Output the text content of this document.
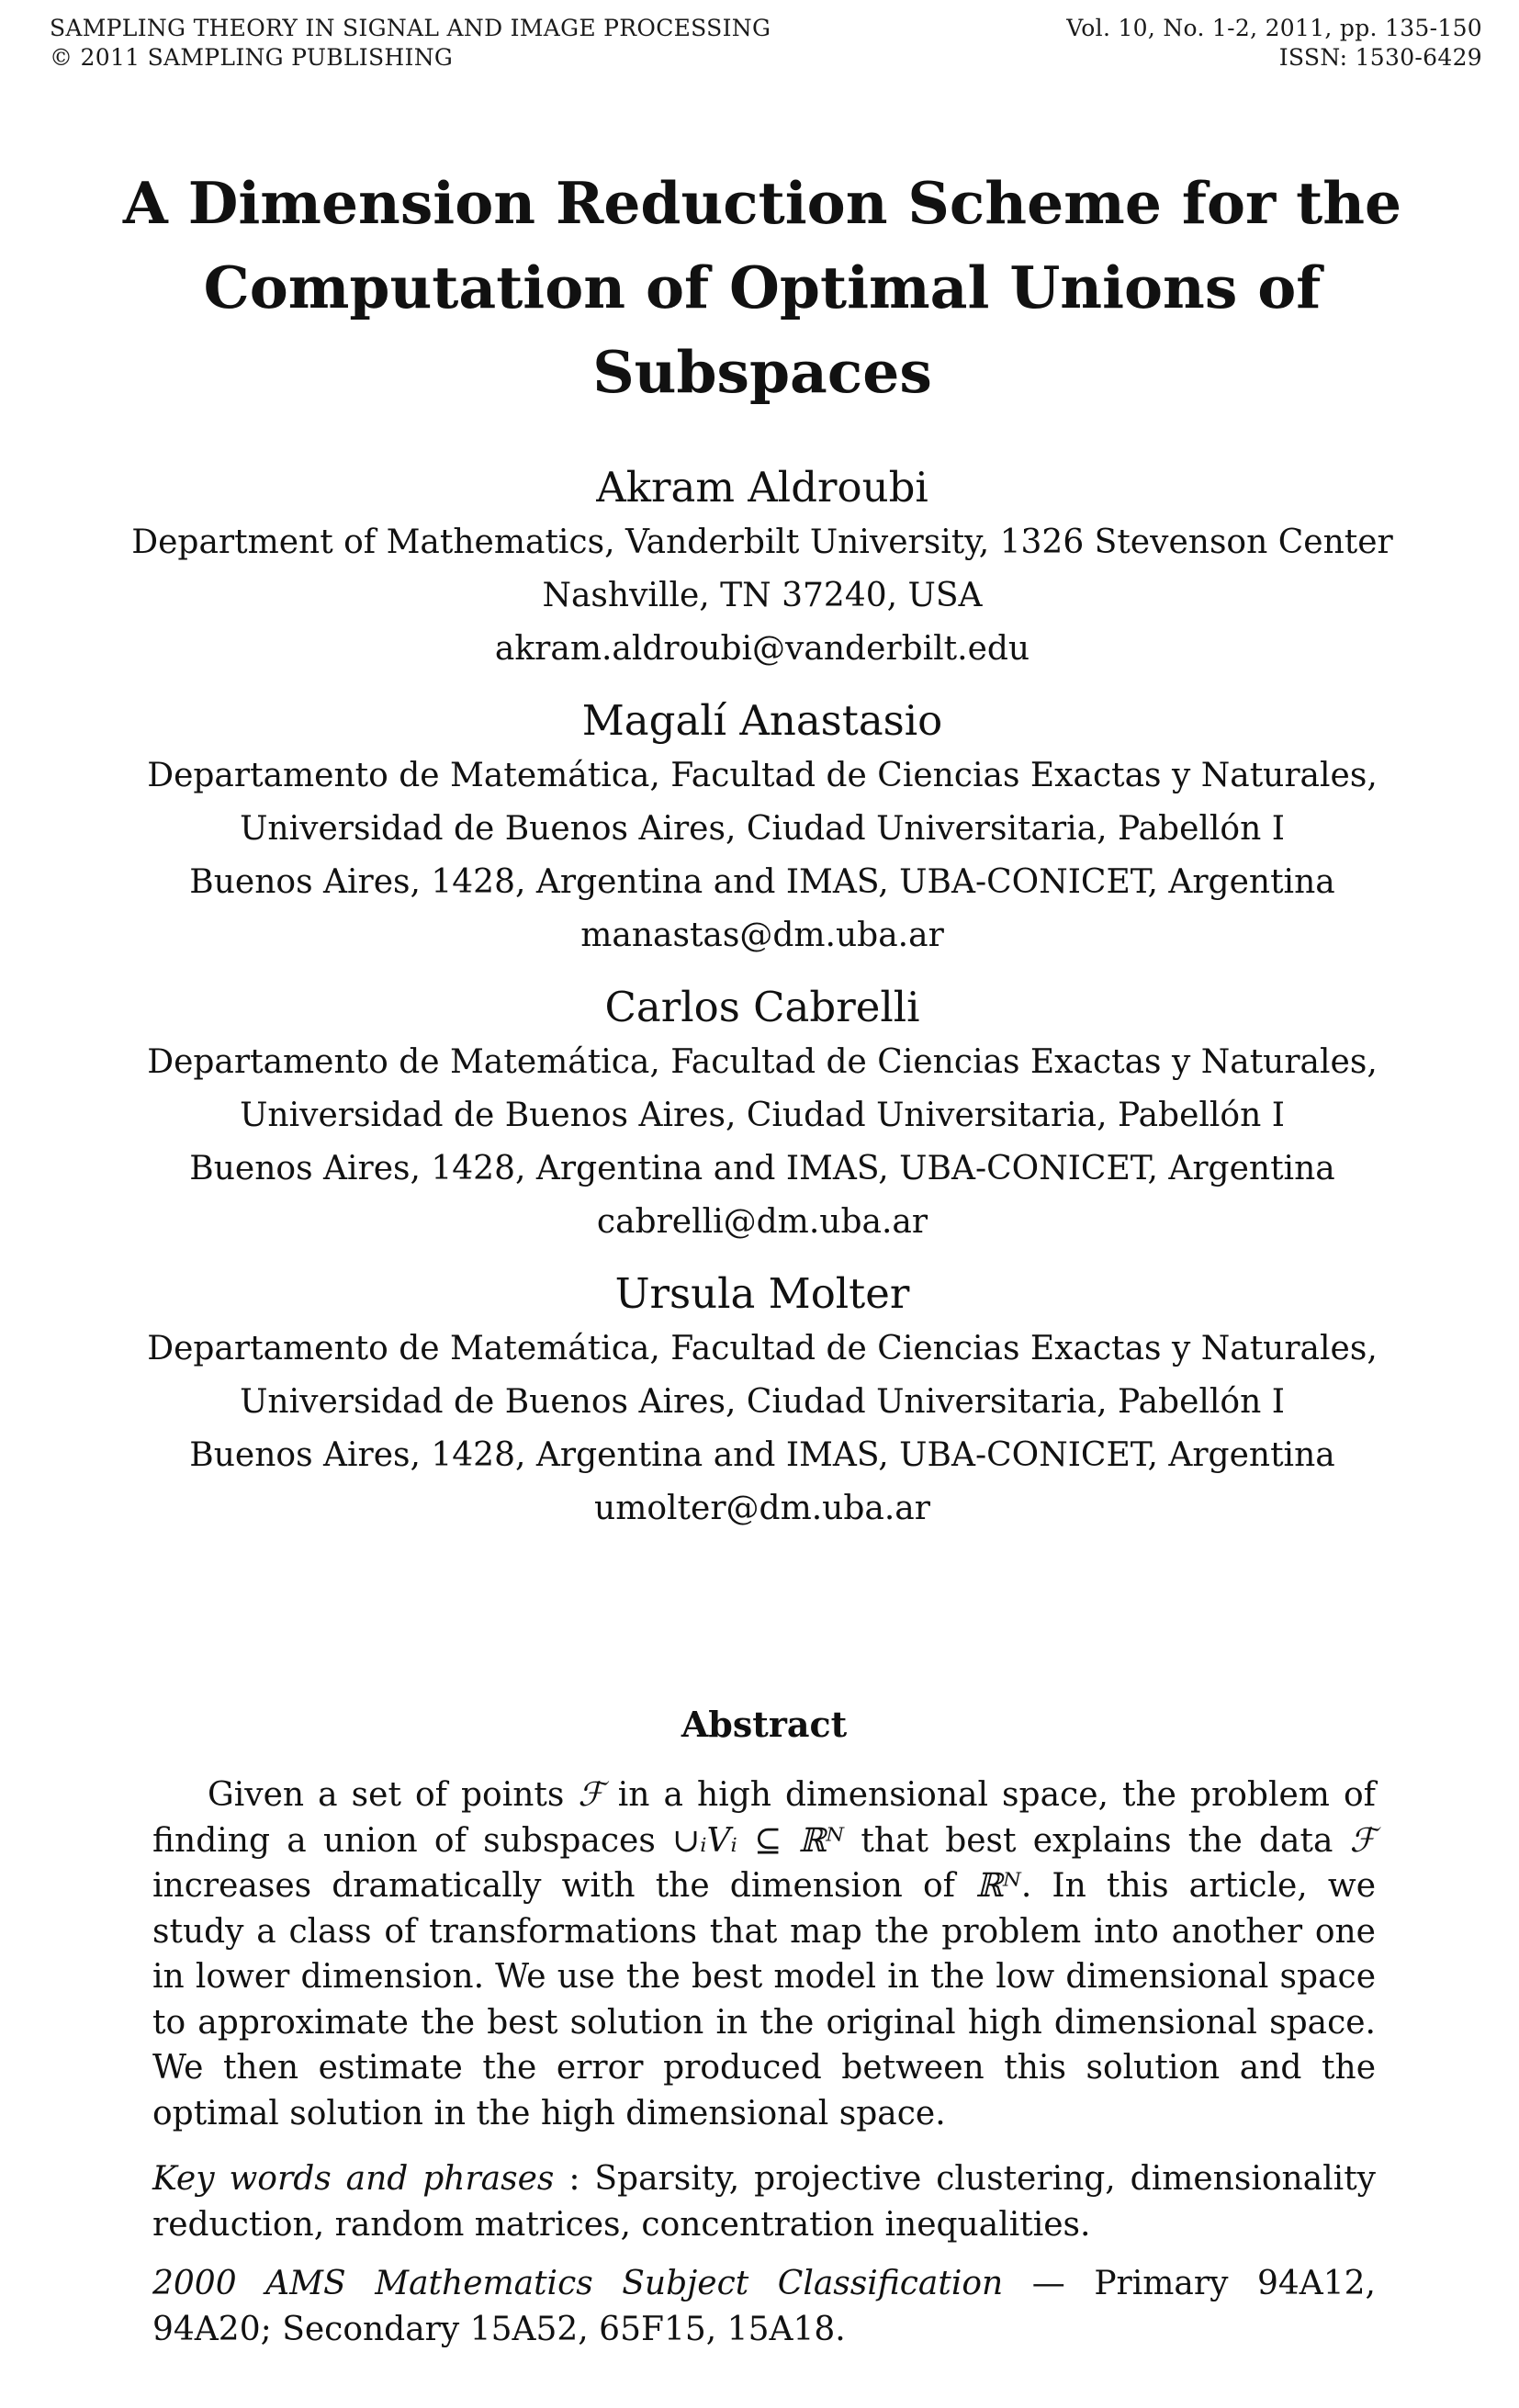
SAMPLING THEORY IN SIGNAL AND IMAGE PROCESSING
© 2011 SAMPLING PUBLISHING
Vol. 10, No. 1-2, 2011, pp. 135-150
ISSN: 1530-6429
A Dimension Reduction Scheme for the
Computation of Optimal Unions of
Subspaces
Akram Aldroubi
Department of Mathematics, Vanderbilt University, 1326 Stevenson Center
Nashville, TN 37240, USA
akram.aldroubi@vanderbilt.edu
Magalí Anastasio
Departamento de Matemática, Facultad de Ciencias Exactas y Naturales,
Universidad de Buenos Aires, Ciudad Universitaria, Pabellón I
Buenos Aires, 1428, Argentina and IMAS, UBA-CONICET, Argentina
manastas@dm.uba.ar
Carlos Cabrelli
Departamento de Matemática, Facultad de Ciencias Exactas y Naturales,
Universidad de Buenos Aires, Ciudad Universitaria, Pabellón I
Buenos Aires, 1428, Argentina and IMAS, UBA-CONICET, Argentina
cabrelli@dm.uba.ar
Ursula Molter
Departamento de Matemática, Facultad de Ciencias Exactas y Naturales,
Universidad de Buenos Aires, Ciudad Universitaria, Pabellón I
Buenos Aires, 1428, Argentina and IMAS, UBA-CONICET, Argentina
umolter@dm.uba.ar
Abstract
Given a set of points ℱ in a high dimensional space, the problem of finding a union of subspaces ∪ᵢVᵢ ⊆ ℝᴺ that best explains the data ℱ increases dramatically with the dimension of ℝᴺ. In this article, we study a class of transformations that map the problem into another one in lower dimension. We use the best model in the low dimensional space to approximate the best solution in the original high dimensional space. We then estimate the error produced between this solution and the optimal solution in the high dimensional space.
Key words and phrases : Sparsity, projective clustering, dimensionality reduction, random matrices, concentration inequalities.
2000 AMS Mathematics Subject Classification — Primary 94A12, 94A20; Secondary 15A52, 65F15, 15A18.
